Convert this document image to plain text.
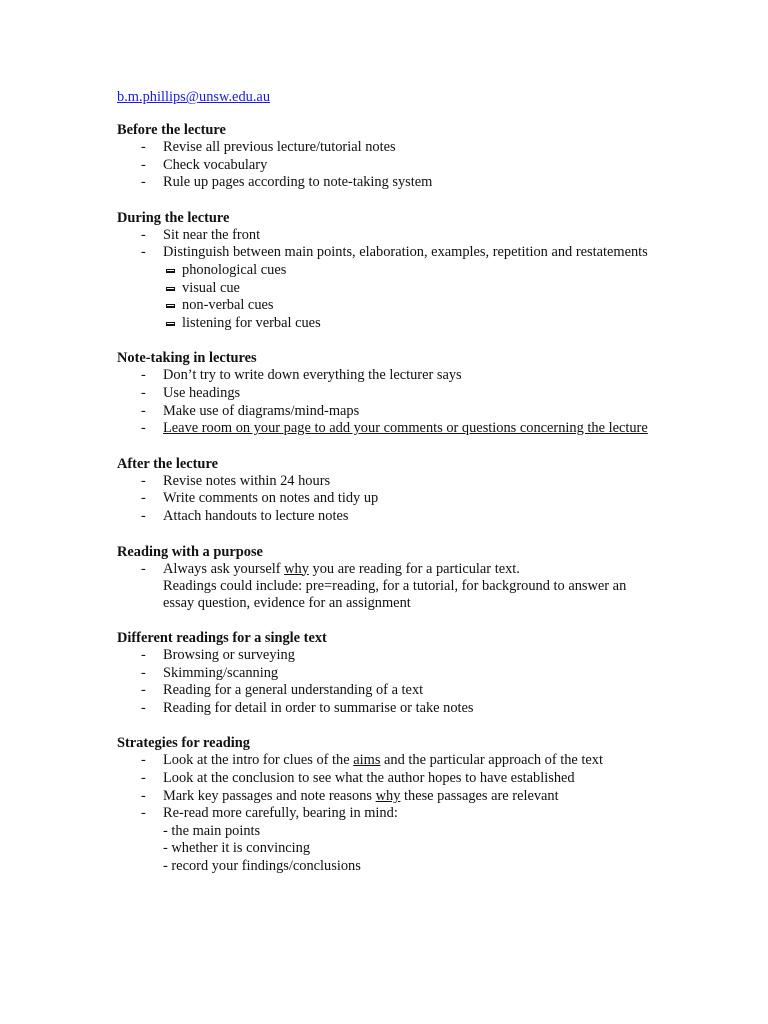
b.m.phillips@unsw.edu.au
Before the lecture
- Revise all previous lecture/tutorial notes
- Check vocabulary
- Rule up pages according to note-taking system
During the lecture
- Sit near the front
- Distinguish between main points, elaboration, examples, repetition and restatements
phonological cues
visual cue
non-verbal cues
listening for verbal cues
Note-taking in lectures
- Don’t try to write down everything the lecturer says
- Use headings
- Make use of diagrams/mind-maps
- Leave room on your page to add your comments or questions concerning the lecture
After the lecture
- Revise notes within 24 hours
- Write comments on notes and tidy up
- Attach handouts to lecture notes
Reading with a purpose
- Always ask yourself why you are reading for a particular text.
Readings could include: pre=reading, for a tutorial, for background to answer an essay question, evidence for an assignment
Different readings for a single text
- Browsing or surveying
- Skimming/scanning
- Reading for a general understanding of a text
- Reading for detail in order to summarise or take notes
Strategies for reading
- Look at the intro for clues of the aims and the particular approach of the text
- Look at the conclusion to see what the author hopes to have established
- Mark key passages and note reasons why these passages are relevant
- Re-read more carefully, bearing in mind:
- the main points
- whether it is convincing
- record your findings/conclusions
